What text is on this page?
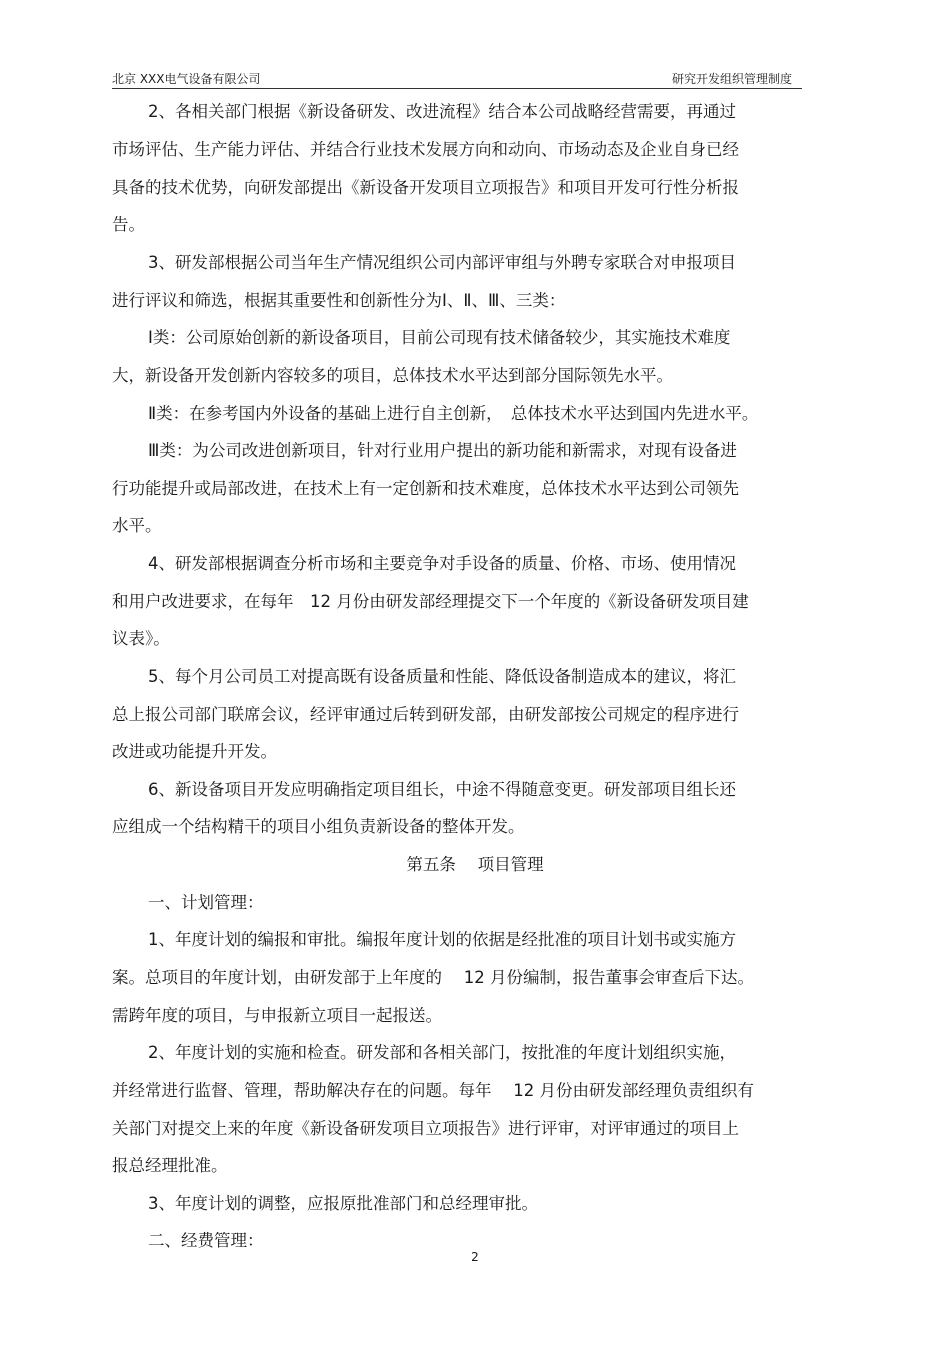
北京 XXX电气设备有限公司	研究开发组织管理制度
2、各相关部门根据《新设备研发、改进流程》结合本公司战略经营需要，再通过
市场评估、生产能力评估、并结合行业技术发展方向和动向、市场动态及企业自身已经
具备的技术优势，向研发部提出《新设备开发项目立项报告》和项目开发可行性分析报
告。
3、研发部根据公司当年生产情况组织公司内部评审组与外聘专家联合对申报项目
进行评议和筛选，根据其重要性和创新性分为Ⅰ、Ⅱ、Ⅲ、三类：
Ⅰ类：公司原始创新的新设备项目，目前公司现有技术储备较少，其实施技术难度
大，新设备开发创新内容较多的项目，总体技术水平达到部分国际领先水平。
Ⅱ类：在参考国内外设备的基础上进行自主创新，　总体技术水平达到国内先进水平。
Ⅲ类：为公司改进创新项目，针对行业用户提出的新功能和新需求，对现有设备进
行功能提升或局部改进，在技术上有一定创新和技术难度，总体技术水平达到公司领先
水平。
4、研发部根据调查分析市场和主要竞争对手设备的质量、价格、市场、使用情况
和用户改进要求，在每年　12 月份由研发部经理提交下一个年度的《新设备研发项目建
议表》。
5、每个月公司员工对提高既有设备质量和性能、降低设备制造成本的建议，将汇
总上报公司部门联席会议，经评审通过后转到研发部，由研发部按公司规定的程序进行
改进或功能提升开发。
6、新设备项目开发应明确指定项目组长，中途不得随意变更。研发部项目组长还
应组成一个结构精干的项目小组负责新设备的整体开发。
第五条　 项目管理
一、计划管理：
1、年度计划的编报和审批。编报年度计划的依据是经批准的项目计划书或实施方
案。总项目的年度计划，由研发部于上年度的　 12 月份编制，报告董事会审查后下达。
需跨年度的项目，与申报新立项目一起报送。
2、年度计划的实施和检查。研发部和各相关部门，按批准的年度计划组织实施，
并经常进行监督、管理，帮助解决存在的问题。每年　 12 月份由研发部经理负责组织有
关部门对提交上来的年度《新设备研发项目立项报告》进行评审，对评审通过的项目上
报总经理批准。
3、年度计划的调整，应报原批准部门和总经理审批。
二、经费管理：
2
